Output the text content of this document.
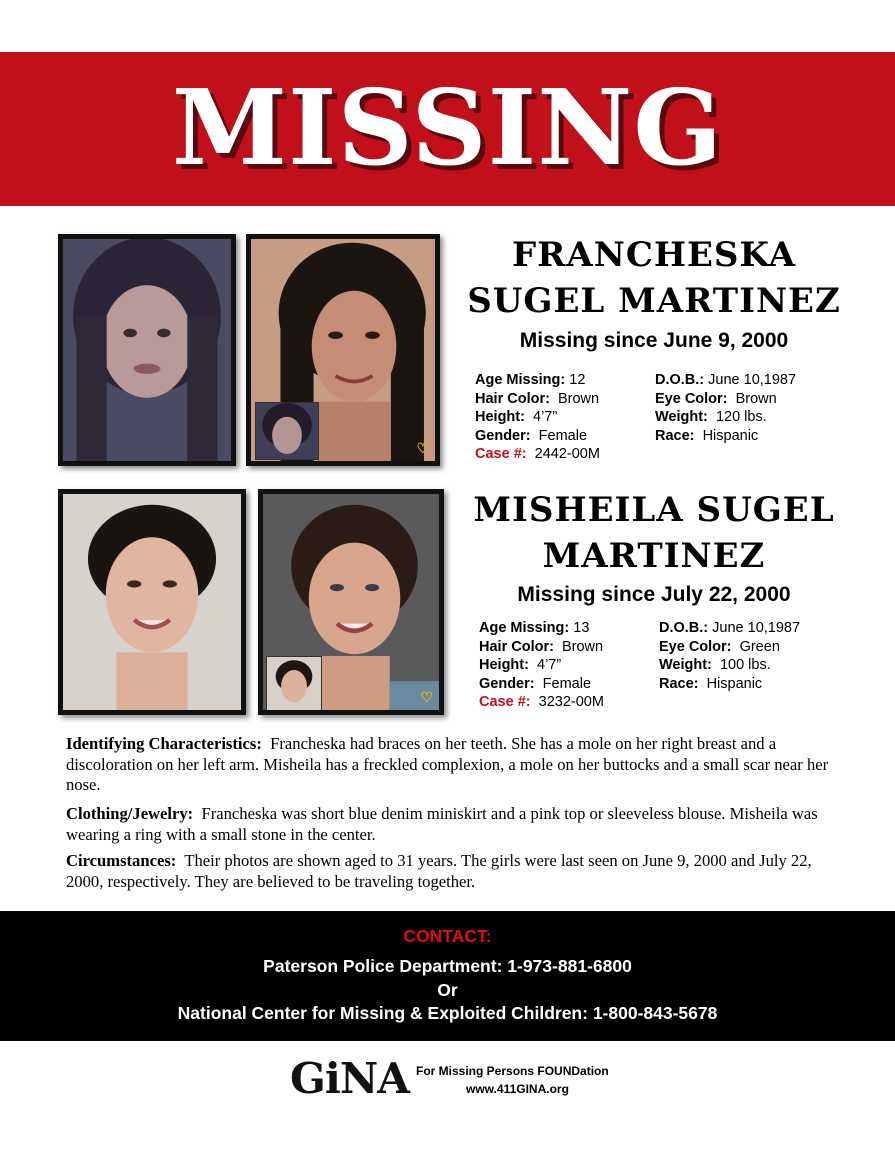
MISSING
♡
FRANCHESKA
SUGEL MARTINEZ
Missing since June 9, 2000
Age Missing: 12
Hair Color: Brown
Height: 4’7”
Gender: Female
Case #: 2442-00M
D.O.B.: June 10,1987
Eye Color: Brown
Weight: 120 lbs.
Race: Hispanic
♡
MISHEILA SUGEL
MARTINEZ
Missing since July 22, 2000
Age Missing: 13
Hair Color: Brown
Height: 4’7”
Gender: Female
Case #: 3232-00M
D.O.B.: June 10,1987
Eye Color: Green
Weight: 100 lbs.
Race: Hispanic
Identifying Characteristics: Francheska had braces on her teeth. She has a mole on her right breast and a discoloration on her left arm. Misheila has a freckled complexion, a mole on her buttocks and a small scar near her nose.
Clothing/Jewelry: Francheska was short blue denim miniskirt and a pink top or sleeveless blouse. Misheila was wearing a ring with a small stone in the center.
Circumstances: Their photos are shown aged to 31 years. The girls were last seen on June 9, 2000 and July 22, 2000, respectively. They are believed to be traveling together.
CONTACT:
Paterson Police Department: 1-973-881-6800
Or
National Center for Missing & Exploited Children: 1-800-843-5678
GiNA For Missing Persons FOUNDation
www.411GINA.org
